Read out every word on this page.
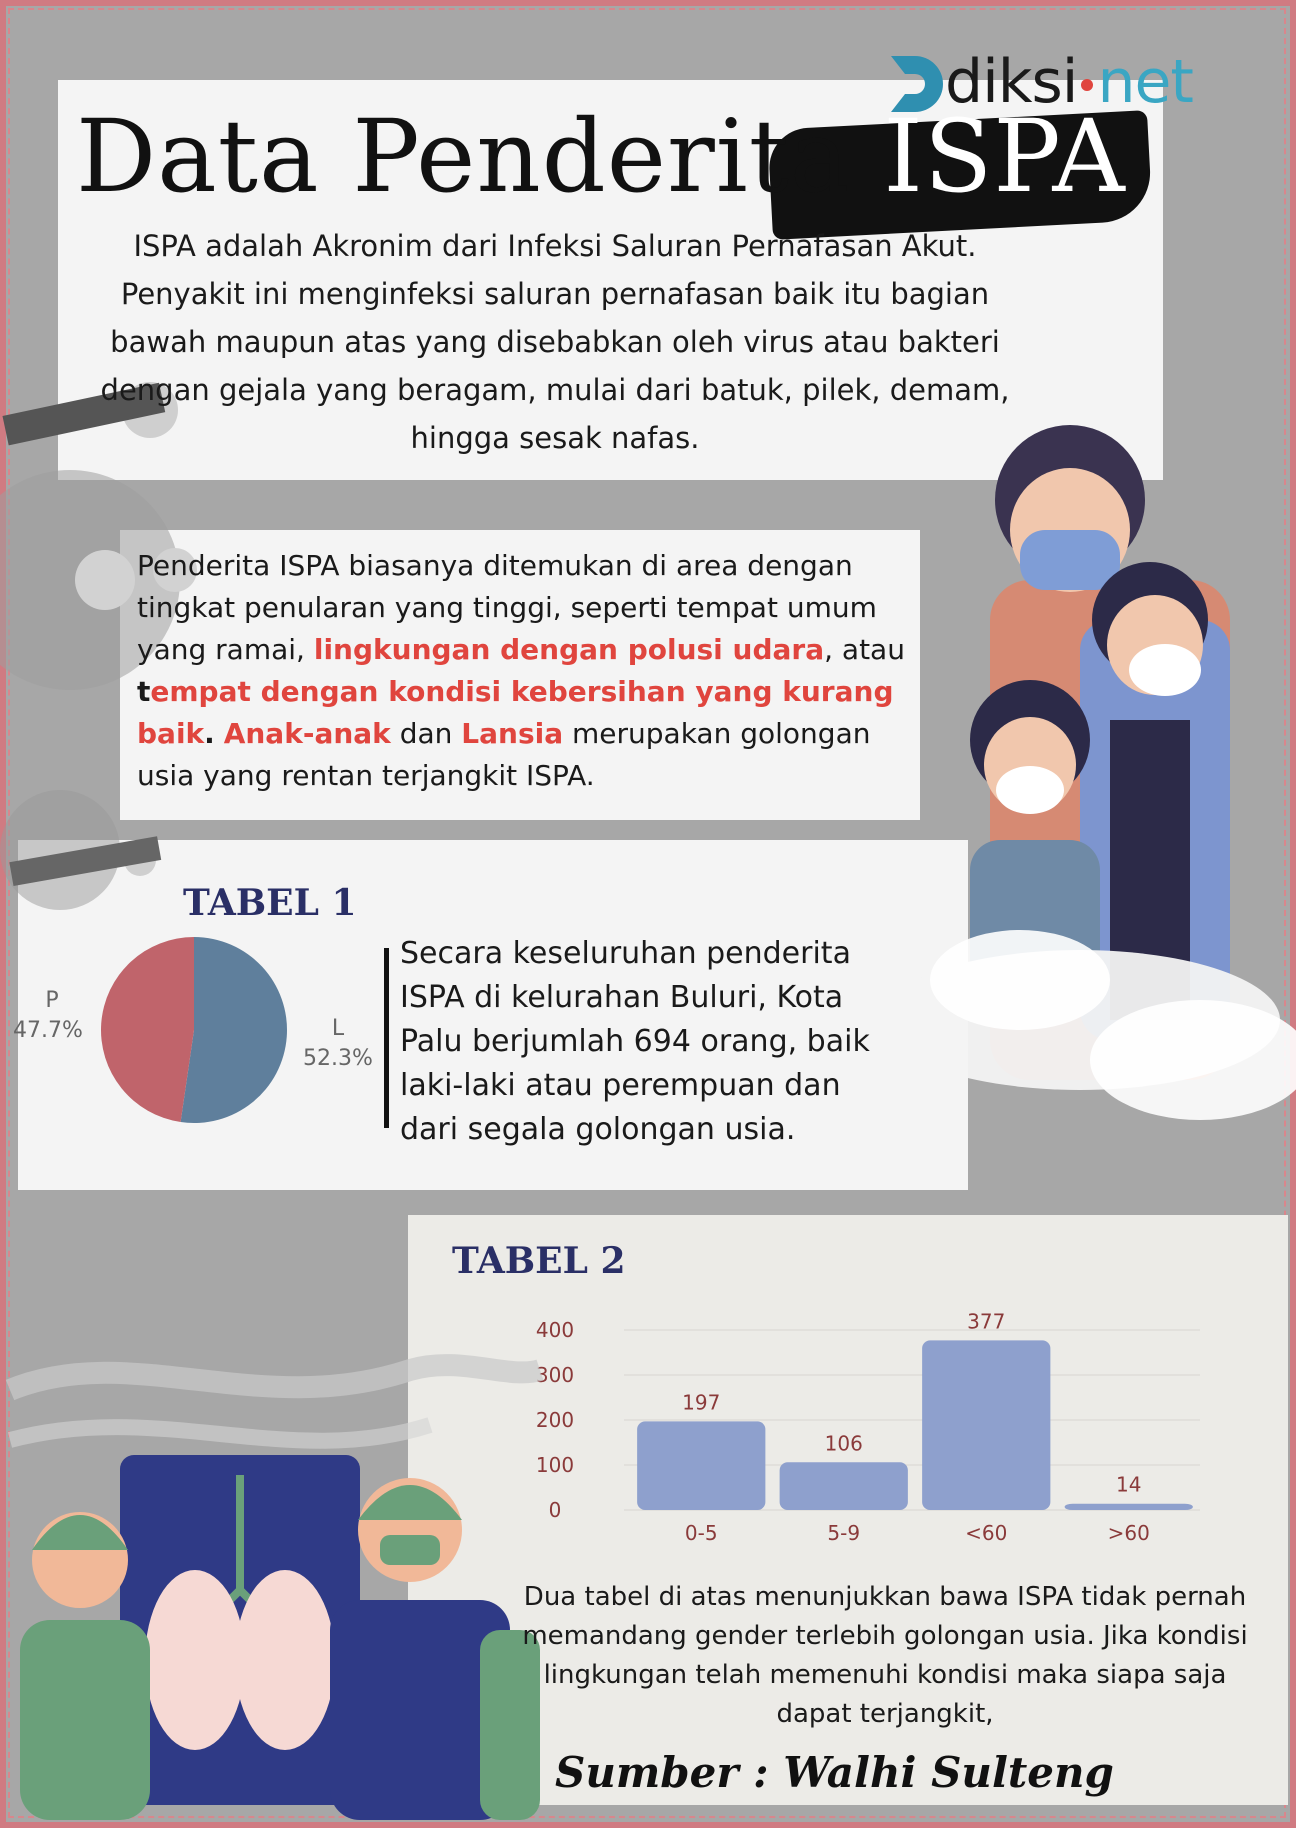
diksi net
Data Penderita ISPA

ISPA adalah Akronim dari Infeksi Saluran Pernafasan Akut. Penyakit ini menginfeksi saluran pernafasan baik itu bagian bawah maupun atas yang disebabkan oleh virus atau bakteri dengan gejala yang beragam, mulai dari batuk, pilek, demam, hingga sesak nafas.

Penderita ISPA biasanya ditemukan di area dengan tingkat penularan yang tinggi, seperti tempat umum yang ramai, lingkungan dengan polusi udara, atau tempat dengan kondisi kebersihan yang kurang baik. Anak-anak dan Lansia merupakan golongan usia yang rentan terjangkit ISPA.

TABEL 1
L
52.3%
P
47.7%

Secara keseluruhan penderita ISPA di kelurahan Buluri, Kota Palu berjumlah 694 orang, baik laki-laki atau perempuan dan dari segala golongan usia.

TABEL 2
0
100
200
300
400
197
0-5
106
5-9
377
<60
14
>60

Dua tabel di atas menunjukkan bawa ISPA tidak pernah memandang gender terlebih golongan usia. Jika kondisi lingkungan telah memenuhi kondisi maka siapa saja dapat terjangkit,

Sumber : Walhi Sulteng
